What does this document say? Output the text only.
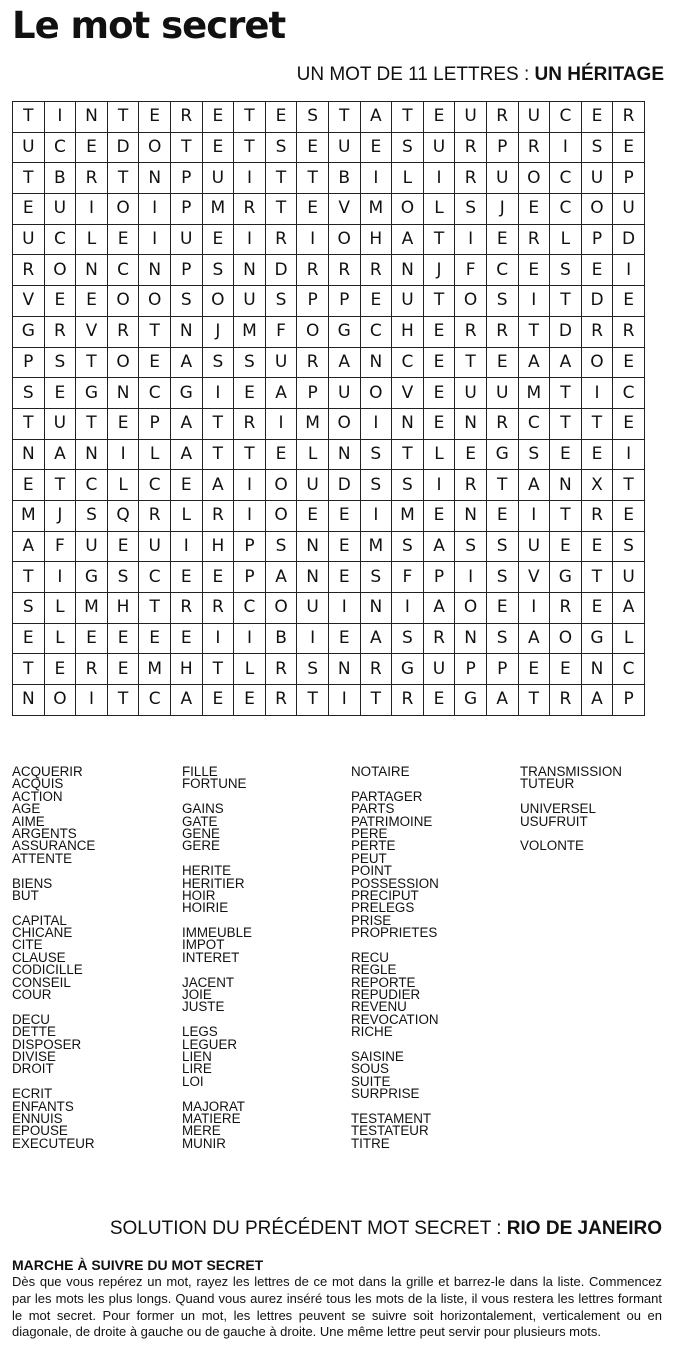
Le mot secret
UN MOT DE 11 LETTRES : UN HÉRITAGE
T	I	N	T	E	R	E	T	E	S	T	A	T	E	U	R	U	C	E	R
U	C	E	D	O	T	E	T	S	E	U	E	S	U	R	P	R	I	S	E
T	B	R	T	N	P	U	I	T	T	B	I	L	I	R	U	O	C	U	P
E	U	I	O	I	P	M	R	T	E	V	M	O	L	S	J	E	C	O	U
U	C	L	E	I	U	E	I	R	I	O	H	A	T	I	E	R	L	P	D
R	O	N	C	N	P	S	N	D	R	R	R	N	J	F	C	E	S	E	I
V	E	E	O	O	S	O	U	S	P	P	E	U	T	O	S	I	T	D	E
G	R	V	R	T	N	J	M	F	O	G	C	H	E	R	R	T	D	R	R
P	S	T	O	E	A	S	S	U	R	A	N	C	E	T	E	A	A	O	E
S	E	G	N	C	G	I	E	A	P	U	O	V	E	U	U	M	T	I	C
T	U	T	E	P	A	T	R	I	M	O	I	N	E	N	R	C	T	T	E
N	A	N	I	L	A	T	T	E	L	N	S	T	L	E	G	S	E	E	I
E	T	C	L	C	E	A	I	O	U	D	S	S	I	R	T	A	N	X	T
M	J	S	Q	R	L	R	I	O	E	E	I	M	E	N	E	I	T	R	E
A	F	U	E	U	I	H	P	S	N	E	M	S	A	S	S	U	E	E	S
T	I	G	S	C	E	E	P	A	N	E	S	F	P	I	S	V	G	T	U
S	L	M	H	T	R	R	C	O	U	I	N	I	A	O	E	I	R	E	A
E	L	E	E	E	E	I	I	B	I	E	A	S	R	N	S	A	O	G	L
T	E	R	E	M	H	T	L	R	S	N	R	G	U	P	P	E	E	N	C
N	O	I	T	C	A	E	E	R	T	I	T	R	E	G	A	T	R	A	P
ACQUERIR
ACQUIS
ACTION
AGE
AIME
ARGENTS
ASSURANCE
ATTENTE
BIENS
BUT
CAPITAL
CHICANE
CITE
CLAUSE
CODICILLE
CONSEIL
COUR
DECU
DETTE
DISPOSER
DIVISE
DROIT
ECRIT
ENFANTS
ENNUIS
EPOUSE
EXECUTEUR
FILLE
FORTUNE
GAINS
GATE
GENE
GERE
HERITE
HERITIER
HOIR
HOIRIE
IMMEUBLE
IMPOT
INTERET
JACENT
JOIE
JUSTE
LEGS
LEGUER
LIEN
LIRE
LOI
MAJORAT
MATIERE
MERE
MUNIR
NOTAIRE
PARTAGER
PARTS
PATRIMOINE
PERE
PERTE
PEUT
POINT
POSSESSION
PRECIPUT
PRELEGS
PRISE
PROPRIETES
RECU
REGLE
REPORTE
REPUDIER
REVENU
REVOCATION
RICHE
SAISINE
SOUS
SUITE
SURPRISE
TESTAMENT
TESTATEUR
TITRE
TRANSMISSION
TUTEUR
UNIVERSEL
USUFRUIT
VOLONTE
SOLUTION DU PRÉCÉDENT MOT SECRET : RIO DE JANEIRO
MARCHE À SUIVRE DU MOT SECRET

Dès que vous repérez un mot, rayez les lettres de ce mot dans la grille et barrez-le dans la liste. Commencez par les mots les plus longs. Quand vous aurez inséré tous les mots de la liste, il vous restera les lettres formant le mot secret. Pour former un mot, les lettres peuvent se suivre soit horizontalement, verticalement ou en diagonale, de droite à gauche ou de gauche à droite. Une même lettre peut servir pour plusieurs mots.
